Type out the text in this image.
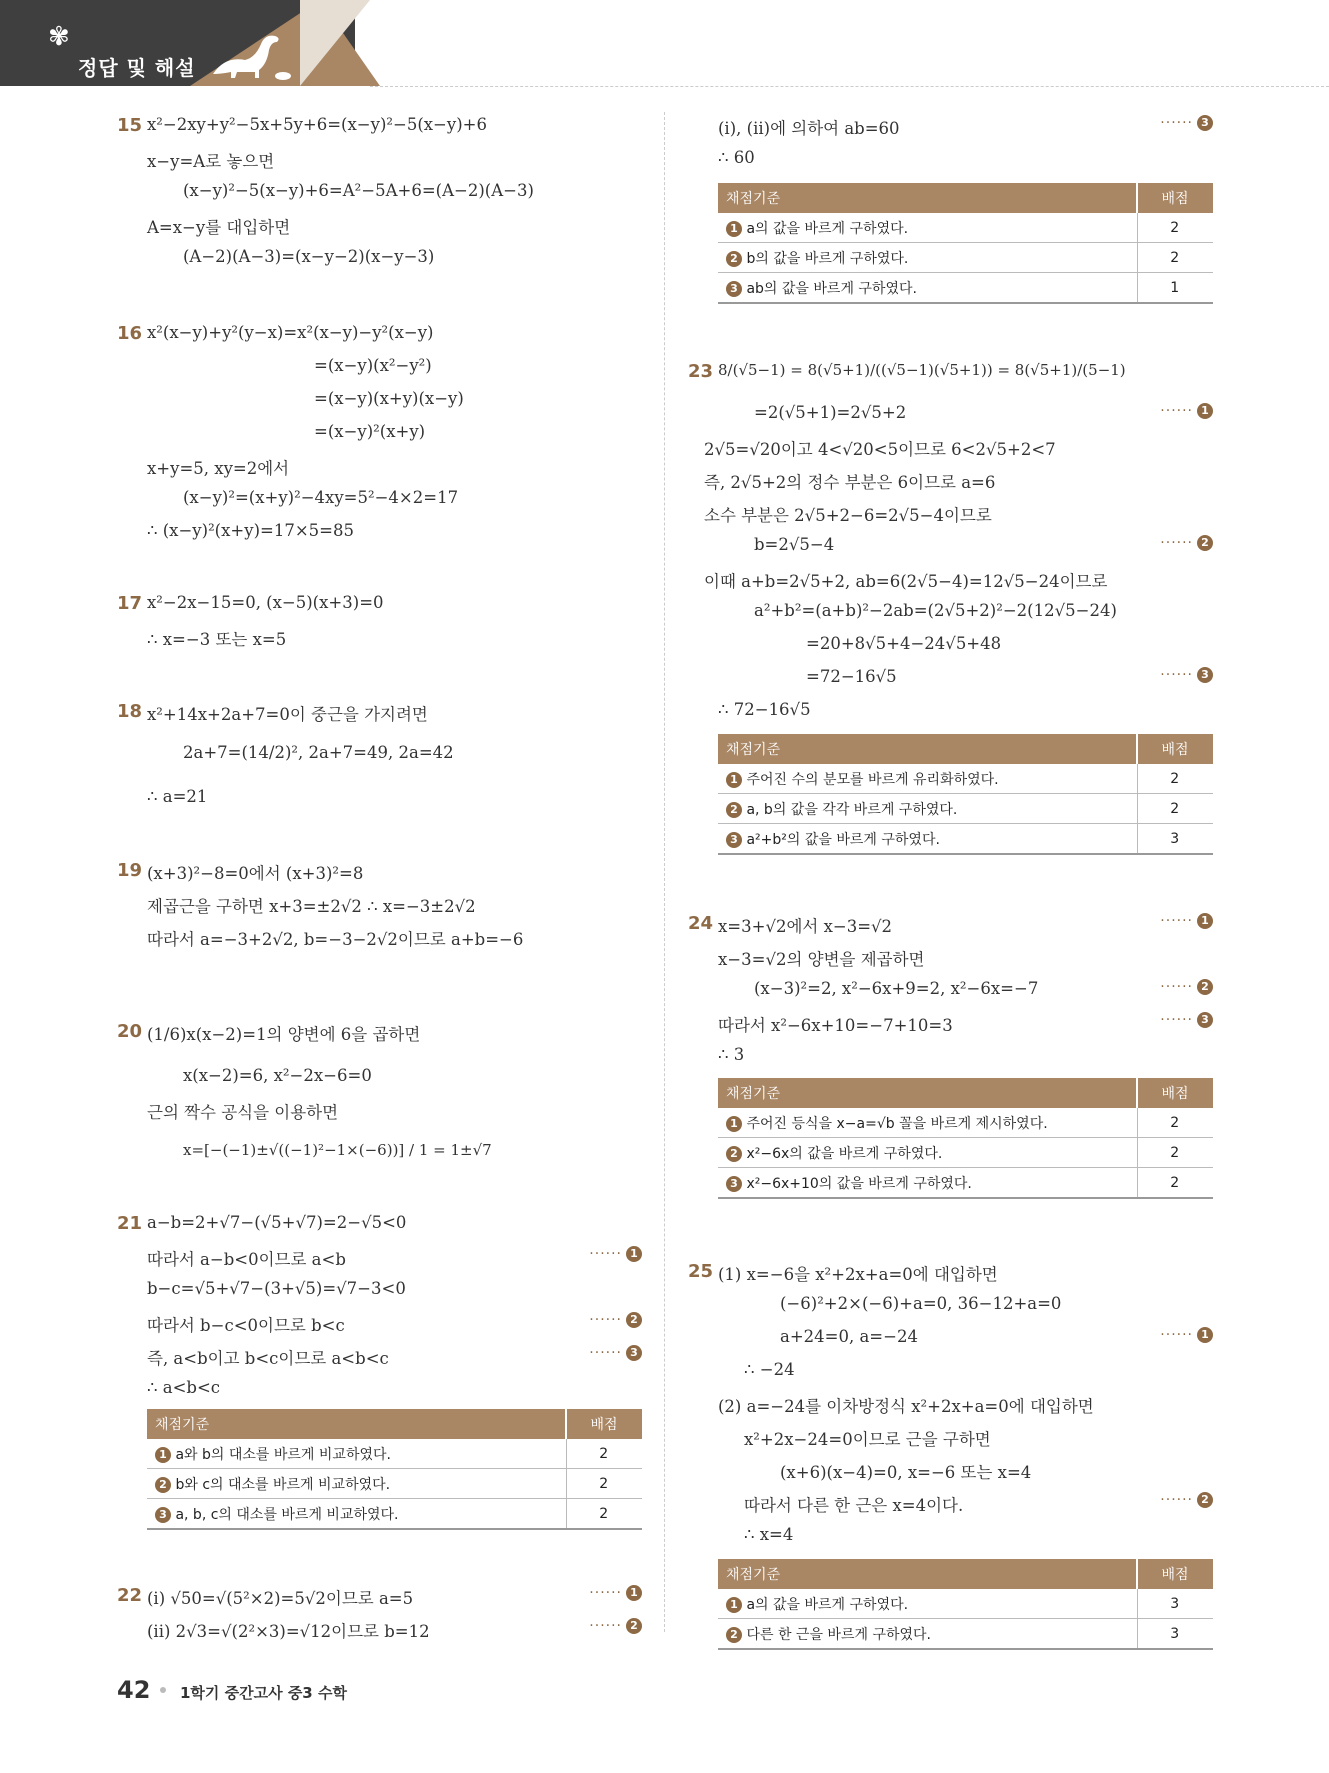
✾
정답 및 해설
15 x²−2xy+y²−5x+5y+6=(x−y)²−5(x−y)+6
x−y=A로 놓으면
(x−y)²−5(x−y)+6=A²−5A+6=(A−2)(A−3)
A=x−y를 대입하면
(A−2)(A−3)=(x−y−2)(x−y−3)
16 x²(x−y)+y²(y−x)=x²(x−y)−y²(x−y)
=(x−y)(x²−y²)
=(x−y)(x+y)(x−y)
=(x−y)²(x+y)
x+y=5, xy=2에서
(x−y)²=(x+y)²−4xy=5²−4×2=17
∴ (x−y)²(x+y)=17×5=85
17 x²−2x−15=0, (x−5)(x+3)=0
∴ x=−3 또는 x=5
18 x²+14x+2a+7=0이 중근을 가지려면
2a+7=(14/2)², 2a+7=49, 2a=42
∴ a=21
19 (x+3)²−8=0에서 (x+3)²=8
제곱근을 구하면 x+3=±2√2 ∴ x=−3±2√2
따라서 a=−3+2√2, b=−3−2√2이므로 a+b=−6
20 (1/6)x(x−2)=1의 양변에 6을 곱하면
x(x−2)=6, x²−2x−6=0
근의 짝수 공식을 이용하면
x=[−(−1)±√((−1)²−1×(−6))] / 1 = 1±√7
21 a−b=2+√7−(√5+√7)=2−√5<0
따라서 a−b<0이므로 a<b	······ 1
b−c=√5+√7−(3+√5)=√7−3<0
따라서 b−c<0이므로 b<c	······ 2
즉, a<b이고 b<c이므로 a<b<c	······ 3
∴ a<b<c
채점기준	배점
1 a와 b의 대소를 바르게 비교하였다.	2
2 b와 c의 대소를 바르게 비교하였다.	2
3 a, b, c의 대소를 바르게 비교하였다.	2
22 (i) √50=√(5²×2)=5√2이므로 a=5	······ 1
(ii) 2√3=√(2²×3)=√12이므로 b=12	······ 2
(i), (ii)에 의하여 ab=60	······ 3
∴ 60
채점기준	배점
1 a의 값을 바르게 구하였다.	2
2 b의 값을 바르게 구하였다.	2
3 ab의 값을 바르게 구하였다.	1
23 8/(√5−1) = 8(√5+1)/((√5−1)(√5+1)) = 8(√5+1)/(5−1)
=2(√5+1)=2√5+2	······ 1
2√5=√20이고 4<√20<5이므로 6<2√5+2<7
즉, 2√5+2의 정수 부분은 6이므로 a=6
소수 부분은 2√5+2−6=2√5−4이므로
b=2√5−4	······ 2
이때 a+b=2√5+2, ab=6(2√5−4)=12√5−24이므로
a²+b²=(a+b)²−2ab=(2√5+2)²−2(12√5−24)
=20+8√5+4−24√5+48
=72−16√5	······ 3
∴ 72−16√5
채점기준	배점
1 주어진 수의 분모를 바르게 유리화하였다.	2
2 a, b의 값을 각각 바르게 구하였다.	2
3 a²+b²의 값을 바르게 구하였다.	3
24 x=3+√2에서 x−3=√2	······ 1
x−3=√2의 양변을 제곱하면
(x−3)²=2, x²−6x+9=2, x²−6x=−7	······ 2
따라서 x²−6x+10=−7+10=3	······ 3
∴ 3
채점기준	배점
1 주어진 등식을 x−a=√b 꼴을 바르게 제시하였다.	2
2 x²−6x의 값을 바르게 구하였다.	2
3 x²−6x+10의 값을 바르게 구하였다.	2
25 (1) x=−6을 x²+2x+a=0에 대입하면
(−6)²+2×(−6)+a=0, 36−12+a=0
a+24=0, a=−24	······ 1
∴ −24
(2) a=−24를 이차방정식 x²+2x+a=0에 대입하면
x²+2x−24=0이므로 근을 구하면
(x+6)(x−4)=0, x=−6 또는 x=4
따라서 다른 한 근은 x=4이다.	······ 2
∴ x=4
채점기준	배점
1 a의 값을 바르게 구하였다.	3
2 다른 한 근을 바르게 구하였다.	3
42 1학기 중간고사 중3 수학
